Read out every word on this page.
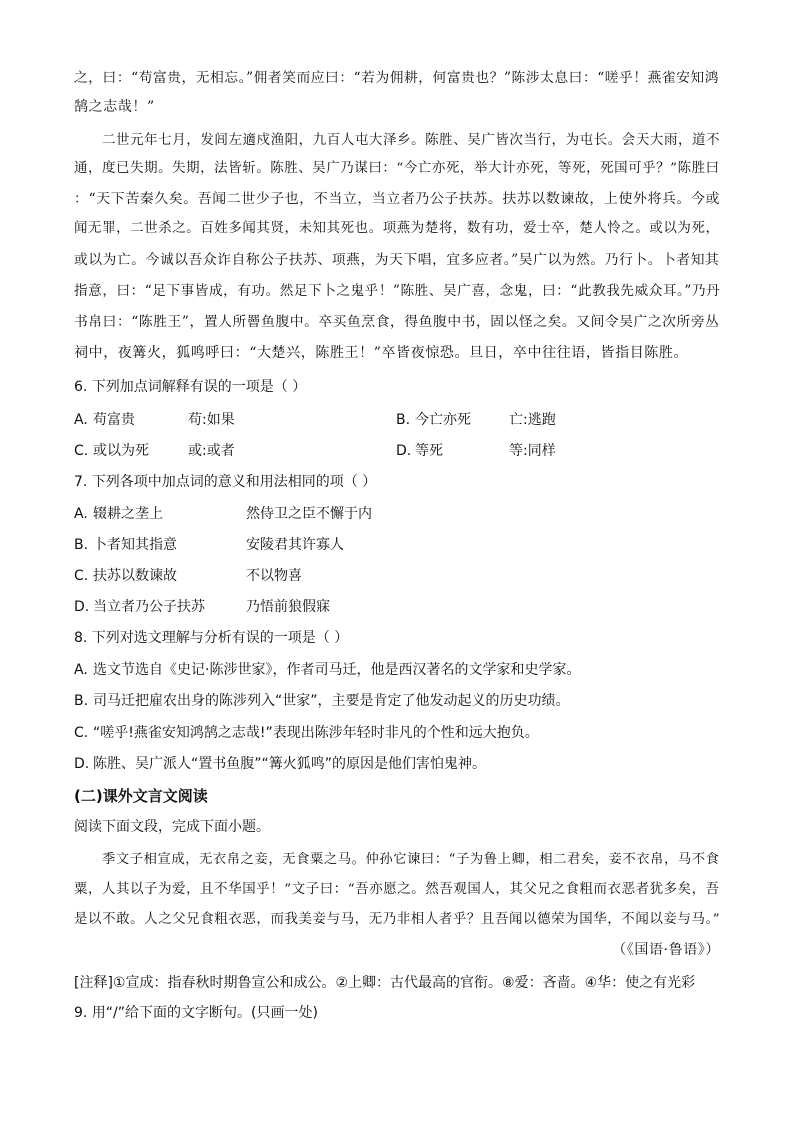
之，曰：“苟富贵，无相忘。”佣者笑而应曰：“若为佣耕，何富贵也？”陈涉太息曰：“嗟乎！燕雀安知鸿
鹄之志哉！”
二世元年七月，发闾左適戍渔阳，九百人屯大泽乡。陈胜、吴广皆次当行，为屯长。会天大雨，道不
通，度已失期。失期，法皆斩。陈胜、吴广乃谋曰：“今亡亦死，举大计亦死，等死，死国可乎？”陈胜曰
：“天下苦秦久矣。吾闻二世少子也，不当立，当立者乃公子扶苏。扶苏以数谏故，上使外将兵。今或
闻无罪，二世杀之。百姓多闻其贤，未知其死也。项燕为楚将，数有功，爱士卒，楚人怜之。或以为死，
或以为亡。今诚以吾众诈自称公子扶苏、项燕，为天下唱，宜多应者。”吴广以为然。乃行卜。卜者知其
指意，曰：“足下事皆成，有功。然足下卜之鬼乎！”陈胜、吴广喜，念鬼，曰：“此教我先威众耳。”乃丹
书帛曰：“陈胜王”，置人所罾鱼腹中。卒买鱼烹食，得鱼腹中书，固以怪之矣。又间令吴广之次所旁丛
祠中，夜篝火，狐鸣呼曰：“大楚兴，陈胜王！”卒皆夜惊恐。旦日，卒中往往语，皆指目陈胜。
6. 下列加点词解释有误的一项是（ ）
A. 苟富贵	苟:如果	B. 今亡亦死	亡:逃跑
C. 或以为死	或:或者	D. 等死	等:同样
7. 下列各项中加点词的意义和用法相同的项（ ）
A. 辍耕之垄上	然侍卫之臣不懈于内
B. 卜者知其指意	安陵君其许寡人
C. 扶苏以数谏故	不以物喜
D. 当立者乃公子扶苏	乃悟前狼假寐
8. 下列对选文理解与分析有误的一项是（ ）
A. 选文节选自《史记·陈涉世家》，作者司马迁，他是西汉著名的文学家和史学家。
B. 司马迁把雇农出身的陈涉列入“世家”，主要是肯定了他发动起义的历史功绩。
C. “嗟乎!燕雀安知鸿鹄之志哉!”表现出陈涉年轻时非凡的个性和远大抱负。
D. 陈胜、吴广派人“置书鱼腹”“篝火狐鸣”的原因是他们害怕鬼神。
(二)课外文言文阅读
阅读下面文段，完成下面小题。
季文子相宣成，无衣帛之妾，无食粟之马。仲孙它谏曰：“子为鲁上卿，相二君矣，妾不衣帛，马不食
粟，人其以子为爱，且不华国乎！”文子曰：“吾亦愿之。然吾观国人，其父兄之食粗而衣恶者犹多矣，吾
是以不敢。人之父兄食粗衣恶，而我美妾与马，无乃非相人者乎？且吾闻以德荣为国华，不闻以妾与马。”
（《国语·鲁语》）
[注释]①宣成：指春秋时期鲁宣公和成公。②上卿：古代最高的官衔。⑧爱：吝啬。④华：使之有光彩
9. 用“/”给下面的文字断句。(只画一处)
